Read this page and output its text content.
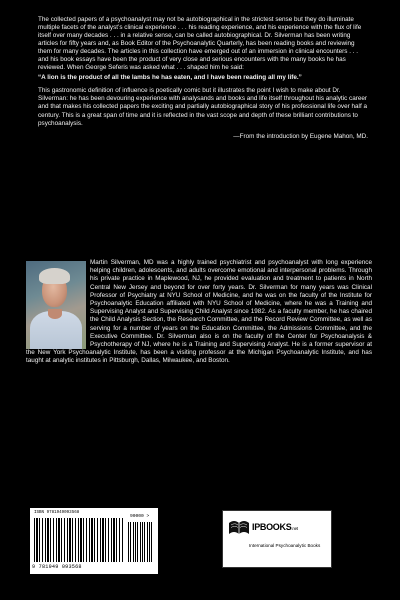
The collected papers of a psychoanalyst may not be autobiographical in the strictest sense but they do illuminate multiple facets of the analyst’s clinical experience . . . his reading experience, and his experience with the flux of life itself over many decades . . . in a relative sense, can be called autobiographical. Dr. Silverman has been writing articles for fifty years and, as Book Editor of the Psychoanalytic Quarterly, has been reading books and reviewing them for many decades. The articles in this collection have emerged out of an immersion in clinical encounters . . . and his book essays have been the product of very close and serious encounters with the many books he has reviewed. When George Seferis was asked what . . . shaped him he said:

“A lion is the product of all the lambs he has eaten, and I have been reading all my life.”

This gastronomic definition of influence is poetically comic but it illustrates the point I wish to make about Dr. Silverman: he has been devouring experience with analysands and books and life itself throughout his analytic career and that makes his collected papers the exciting and partially autobiographical story of his professional life over half a century. This is a great span of time and it is reflected in the vast scope and depth of these brilliant contributions to psychoanalysis.

—From the introduction by Eugene Mahon, MD.

Martin Silverman, MD was a highly trained psychiatrist and psychoanalyst with long experience helping children, adolescents, and adults overcome emotional and interpersonal problems. Through his private practice in Maplewood, NJ, he provided evaluation and treatment to patients in North Central New Jersey and beyond for over forty years. Dr. Silverman for many years was Clinical Professor of Psychiatry at NYU School of Medicine, and he was on the faculty of the Institute for Psychoanalytic Education affiliated with NYU School of Medicine, where he was a Training and Supervising Analyst and Supervising Child Analyst since 1982. As a faculty member, he has chaired the Child Analysis Section, the Research Committee, and the Record Review Committee, as well as serving for a number of years on the Education Committee, the Admissions Committee, and the Executive Committee. Dr. Silverman also is on the faculty of the Center for Psychoanalysis & Psychotherapy of NJ, where he is a Training and Supervising Analyst. He is a former supervisor at the New York Psychoanalytic Institute, has been a visiting professor at the Michigan Psychoanalytic Institute, and has taught at analytic institutes in Pittsburgh, Dallas, Milwaukee, and Boston.

ISBN 9781949093568
90000 >
9 781949 093568
IPBOOKS.net
International Psychoanalytic Books
